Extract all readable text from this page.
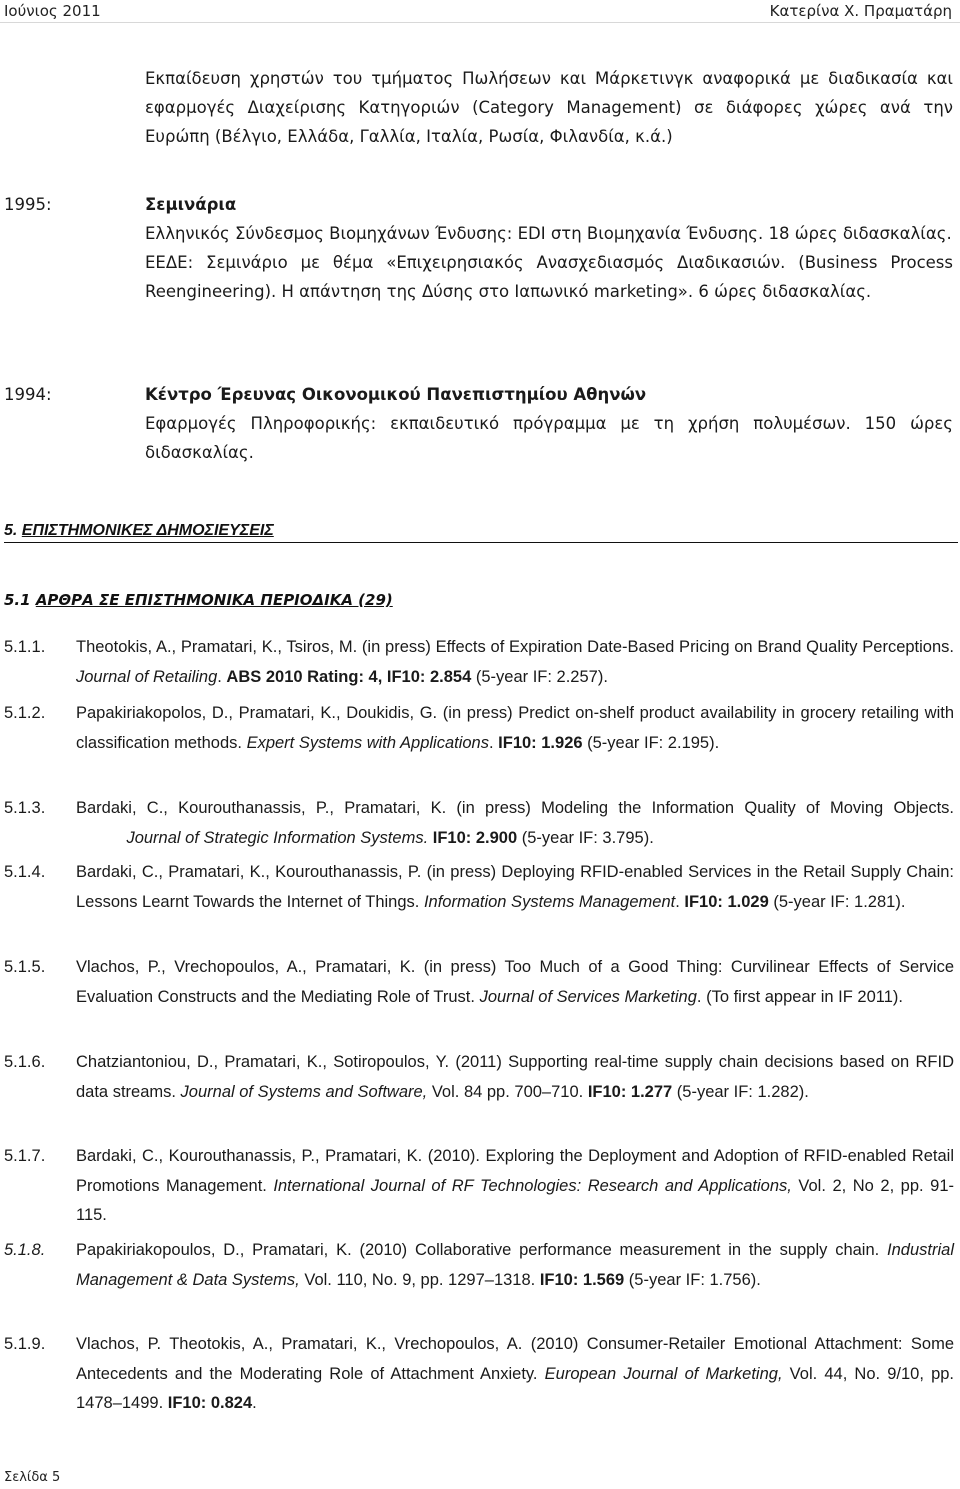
Ιούνιος 2011	Κατερίνα Χ. Πραματάρη
Εκπαίδευση χρηστών του τμήματος Πωλήσεων και Μάρκετινγκ αναφορικά με διαδικασία και εφαρμογές Διαχείρισης Κατηγοριών (Category Management) σε διάφορες χώρες ανά την Ευρώπη (Βέλγιο, Ελλάδα, Γαλλία, Ιταλία, Ρωσία, Φιλανδία, κ.ά.)
1995:	Σεμινάρια
Ελληνικός Σύνδεσμος Βιομηχάνων Ένδυσης: EDI στη Βιομηχανία Ένδυσης. 18 ώρες διδασκαλίας.
ΕΕΔΕ: Σεμινάριο με θέμα «Επιχειρησιακός Ανασχεδιασμός Διαδικασιών. (Business Process Reengineering). Η απάντηση της Δύσης στο Ιαπωνικό marketing». 6 ώρες διδασκαλίας.
1994:	Κέντρο Έρευνας Οικονομικού Πανεπιστημίου Αθηνών
Εφαρμογές Πληροφορικής: εκπαιδευτικό πρόγραμμα με τη χρήση πολυμέσων. 150 ώρες διδασκαλίας.
5. ΕΠΙΣΤΗΜΟΝΙΚΕΣ ΔΗΜΟΣΙΕΥΣΕΙΣ
5.1 ΑΡΘΡΑ ΣΕ ΕΠΙΣΤΗΜΟΝΙΚΑ ΠΕΡΙΟΔΙΚΑ (29)
5.1.1.	Theotokis, A., Pramatari, K., Tsiros, M. (in press) Effects of Expiration Date-Based Pricing on Brand Quality Perceptions. Journal of Retailing. ABS 2010 Rating: 4, IF10: 2.854 (5-year IF: 2.257).
5.1.2.	Papakiriakopolos, D., Pramatari, K., Doukidis, G. (in press) Predict on-shelf product availability in grocery retailing with classification methods. Expert Systems with Applications. IF10: 1.926 (5-year IF: 2.195).
5.1.3.	Bardaki, C., Kourouthanassis, P., Pramatari, K. (in press) Modeling the Information Quality of Moving Objects.            Journal of Strategic Information Systems. IF10: 2.900 (5-year IF: 3.795).
5.1.4.	Bardaki, C., Pramatari, K., Kourouthanassis, P. (in press) Deploying RFID-enabled Services in the Retail Supply Chain: Lessons Learnt Towards the Internet of Things. Information Systems Management. IF10: 1.029 (5-year IF: 1.281).
5.1.5.	Vlachos, P., Vrechopoulos, A., Pramatari, K. (in press) Too Much of a Good Thing: Curvilinear Effects of Service Evaluation Constructs and the Mediating Role of Trust. Journal of Services Marketing. (To first appear in IF 2011).
5.1.6.	Chatziantoniou, D., Pramatari, K., Sotiropoulos, Y. (2011) Supporting real-time supply chain decisions based on RFID data streams. Journal of Systems and Software, Vol. 84 pp. 700–710. IF10: 1.277 (5-year IF: 1.282).
5.1.7.	Bardaki, C., Kourouthanassis, P., Pramatari, K. (2010). Exploring the Deployment and Adoption of RFID-enabled Retail Promotions Management. International Journal of RF Technologies: Research and Applications, Vol. 2, No 2, pp. 91-115.
5.1.8.	Papakiriakopoulos, D., Pramatari, K. (2010) Collaborative performance measurement in the supply chain. Industrial Management & Data Systems, Vol. 110, No. 9, pp. 1297–1318. IF10: 1.569 (5-year IF: 1.756).
5.1.9.	Vlachos, P. Theotokis, A., Pramatari, K., Vrechopoulos, A. (2010) Consumer-Retailer Emotional Attachment: Some Antecedents and the Moderating Role of Attachment Anxiety. European Journal of Marketing, Vol. 44, No. 9/10, pp. 1478–1499. IF10: 0.824.
Σελίδα 5
